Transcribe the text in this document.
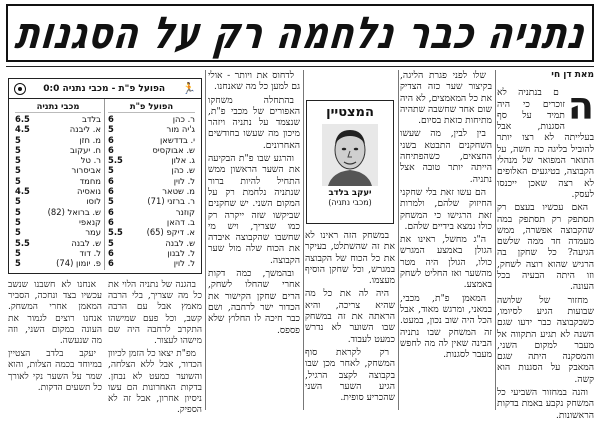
נתניה כבר נלחמה רק על הסגנות
מאת דן חי
ה

ם בנתניה לא זוכרים כי היה תמיד על סף הסגנות, אבל בעלייתה לא רצו יותר להוביל בליגה כה חשה, על התואר המפואר של מנהלי הקבוצה, בטיגעים האלופים לא רצה שאכן ייכנסו לעסק.

האם עכשיו בעצם רק תסתפק רק תסתפק במה שהקבוצה אפשרה, ממש מעמדה חד ממה שלשם הגיעה? כל שחקן בה הרגיש שהוא רוצה לשחק, וזו היתה הבעיה בכל העונה.

מחזור של שלושה שבועות הגיע לסיומו, כשבקבוצה כבר ידעו שגם השנה לא תגיע התקווה אל מעבר למקום השני, והמסקנה היתה שגם המאבק על הסגנות הוא קשה.

והנה במחזור השביעי כל המשחק נקבע באמת בדקות הראשונות.

שלו לפני פגרת הליגה, בקיצור שער כזה הצדיק את כל המאמצים, לא היה שום אחד שחשבה שתהיה מתיחות כזאת בסיום.

בין לבין, מה שעשו השחקנים התבטא בשני החצאים, כשהפתיחה הייתה יותר טובה אצל נתניה.

הם עשו זאת בלי שחקני החיזוק שלהם, ולמרות זאת הרגישו כי המשחק כולו נמצא בידיים שלהם.

ה"ג מחשל, ראינו את הגולן באמצע המגרש כולו, הגולן היה מטר מהשער ואז החליט לשחק באמצע.

המאמן פ"ת, מכבי, במאני, ומרגש מאוד, אבל הכל היה שוב נכון, במעט. זה המשחק שבו נתניה הבינה שאין לה מה לחפש מעבר לסגנות.

המצטיין
יעקב בלדב
(מכבי נתניה)

במשחק הזה ראינו לא את זה שהשתלט, בעיקר את כל הכוח של הקבוצה במגרש, וכל שחקן הוסיף מעצמו.

היה לה את כל מה שהיא צריכה, והיא הראתה את זה במשחק שבו השוער לא נדרש כמעט לעבוד.

רק לקראת סוף המשחק, לאחר מכן שבו בקבוצה לקצב הרגיל, הגיע השער השני שהכריע סופית.

לדחוס את ויותר - אולי גם למען כל מה שאנחנו.

בהתחלה משחקו האפורים של מכבי פ"ת, שנצמד על נתניה ויזהר מיכון מה שעשו בחודשים האחרונים.

והרגע שבו פ"ת הבקיעה את השער הראשון ממש התחיל להיות ברור שנתניה נלחמת רק על המקום השני. יש שחקנים שביקשו שזה ייקרה רק כמו שצריך, ויש מי שחשבו שהקבוצה איבדה את הכוח שלה מול שער הקבוצה.

ובהמשך, כמה דקות אחרי שהחלו לשחק, הרים שחקן הקישור את הכדור ישר לרחבה, ושם כבר חיכה לו החלוץ שלא פספס.

🏃
הפועל פ"ת - מכבי נתניה 0:0
הפועל פ"ת
ר. כהן
6
ג'יה מור
5
י. בדדשאן
6
ש. אבוקסיס
6
ג. אלון
5.5
ש. כהן
5
ל. לוין
6
מ. שטאר
6
ר. ברזני (71)
5
קוזנר
6
ב. דהאן
6
א. דיקפ (65)
5.5
ש. לבנה
5
ל. לבנון
6
ל. לוין
6
מכבי נתניה
בלדב
6.5
א. ליבנה
4.5
מ. חזן
5
ח. יעקוב
5
ר. טל
5
אביסרור
5
מחמד
5
נואסיה
4.5
לוסו
5
ש. ברואל (82)
5
קנאפי
5
עמר
5
ש. לבנה
5.5
ל. דוד
5
פ. יומון (74)
5

בהגנה של נתניה הלוי את כל מה שצריך, בלי הרבה מאמץ אבל עם הרבה קשב, וכל פעם שמישהו התקרב לרחבה היה שם מישהו לעצור.

מפ"ת יצאו כל הזמן לכיוון הכדור, אבל ללא הצלחה, והשוער כמעט לא נבחן. בדקות האחרונות הם עשו ניסיון אחרון, אבל זה לא הספיק.

אנחנו לא חשבנו שנשב עכשיו בצד ונחכה, הסביר המאמן אחרי המשחק. אנחנו רוצים לגמור את העונה במקום השני, וזה מה שנעשה.

יעקב בלדב הצטיין במיוחד בכמה הצלות, והוא שמר על השער נקי לאורך כל תשעים הדקות.
